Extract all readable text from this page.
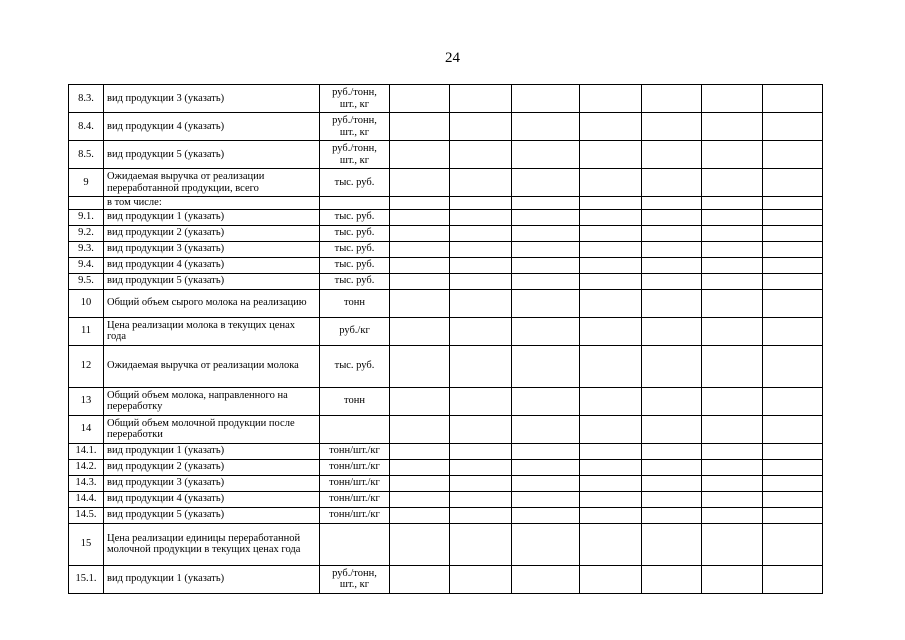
24
8.3.	вид продукции 3 (указать)	руб./тонн, шт., кг							
8.4.	вид продукции 4 (указать)	руб./тонн, шт., кг							
8.5.	вид продукции 5 (указать)	руб./тонн, шт., кг							
9	Ожидаемая выручка от реализации переработанной продукции, всего	тыс. руб.							
	в том числе:								
9.1.	вид продукции 1 (указать)	тыс. руб.							
9.2.	вид продукции 2 (указать)	тыс. руб.							
9.3.	вид продукции 3 (указать)	тыс. руб.							
9.4.	вид продукции 4 (указать)	тыс. руб.							
9.5.	вид продукции 5 (указать)	тыс. руб.							
10	Общий объем сырого молока на реализацию	тонн							
11	Цена реализации молока в текущих ценах года	руб./кг							
12	Ожидаемая выручка от реализации молока	тыс. руб.							
13	Общий объем молока, направленного на переработку	тонн							
14	Общий объем молочной продукции после переработки								
14.1.	вид продукции 1 (указать)	тонн/шт./кг							
14.2.	вид продукции 2 (указать)	тонн/шт./кг							
14.3.	вид продукции 3 (указать)	тонн/шт./кг							
14.4.	вид продукции 4 (указать)	тонн/шт./кг							
14.5.	вид продукции 5 (указать)	тонн/шт./кг							
15	Цена реализации единицы переработанной молочной продукции в текущих ценах года								
15.1.	вид продукции 1 (указать)	руб./тонн, шт., кг							
